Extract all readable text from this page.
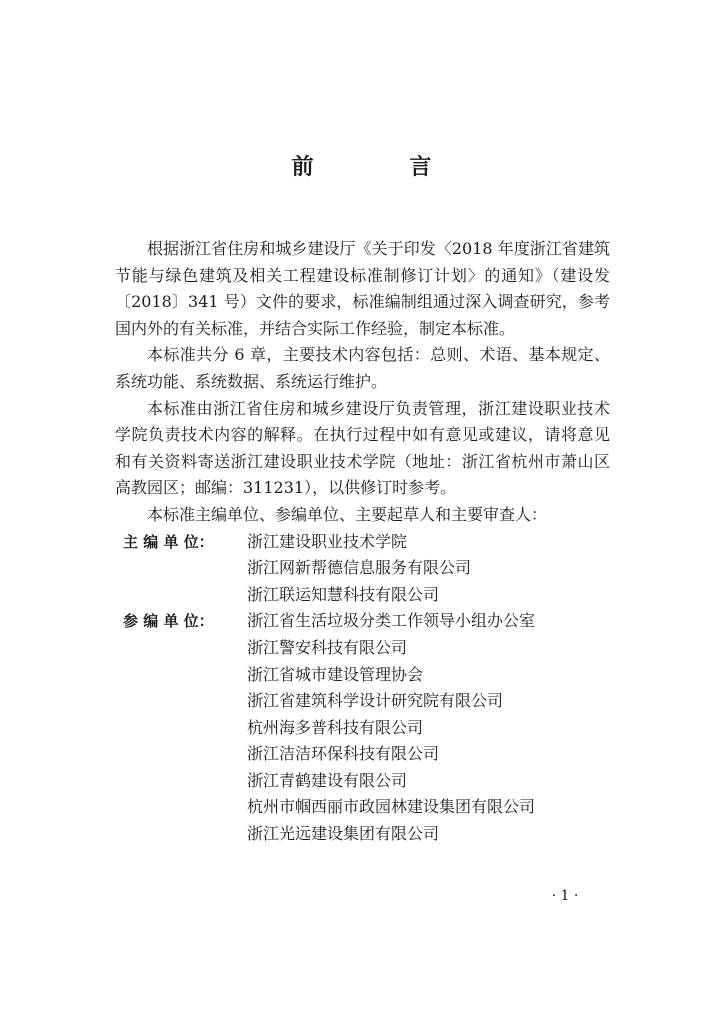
前 言

根据浙江省住房和城乡建设厅《关于印发〈2018 年度浙江省建筑节能与绿色建筑及相关工程建设标准制修订计划〉的通知》（建设发〔2018〕341 号）文件的要求，标准编制组通过深入调查研究，参考国内外的有关标准，并结合实际工作经验，制定本标准。

本标准共分 6 章，主要技术内容包括：总则、术语、基本规定、系统功能、系统数据、系统运行维护。

本标准由浙江省住房和城乡建设厅负责管理，浙江建设职业技术学院负责技术内容的解释。在执行过程中如有意见或建议，请将意见和有关资料寄送浙江建设职业技术学院（地址：浙江省杭州市萧山区高教园区；邮编：311231），以供修订时参考。

本标准主编单位、参编单位、主要起草人和主要审查人：

主 编 单 位：	浙江建设职业技术学院
浙江网新帮德信息服务有限公司
浙江联运知慧科技有限公司
参 编 单 位：	浙江省生活垃圾分类工作领导小组办公室
浙江警安科技有限公司
浙江省城市建设管理协会
浙江省建筑科学设计研究院有限公司
杭州海多普科技有限公司
浙江洁洁环保科技有限公司
浙江青鹤建设有限公司
杭州市帼西丽市政园林建设集团有限公司
浙江光远建设集团有限公司
· 1 ·
